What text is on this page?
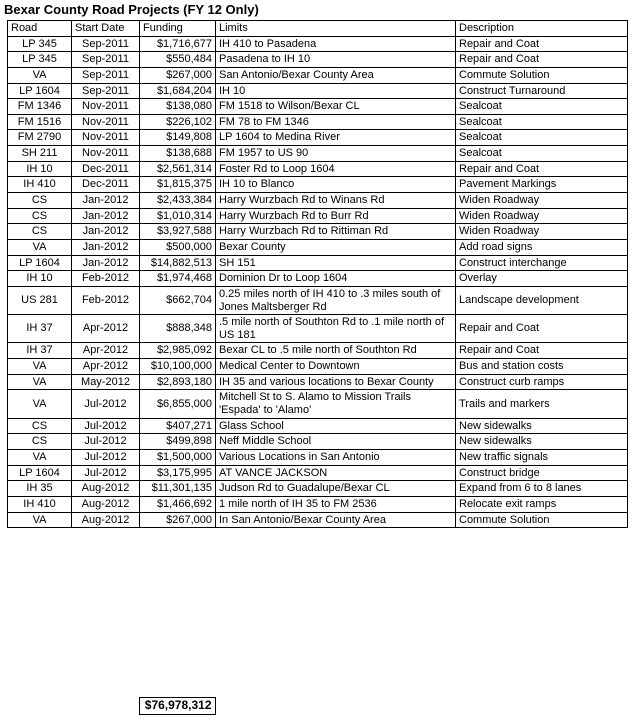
Bexar County Road Projects (FY 12 Only)
Road	Start Date	Funding	Limits	Description
LP 345	Sep-2011	$1,716,677	IH 410 to Pasadena	Repair and Coat
LP 345	Sep-2011	$550,484	Pasadena to IH 10	Repair and Coat
VA	Sep-2011	$267,000	San Antonio/Bexar County Area	Commute Solution
LP 1604	Sep-2011	$1,684,204	IH 10	Construct Turnaround
FM 1346	Nov-2011	$138,080	FM 1518 to Wilson/Bexar CL	Sealcoat
FM 1516	Nov-2011	$226,102	FM 78 to FM 1346	Sealcoat
FM 2790	Nov-2011	$149,808	LP 1604 to Medina River	Sealcoat
SH 211	Nov-2011	$138,688	FM 1957 to US 90	Sealcoat
IH 10	Dec-2011	$2,561,314	Foster Rd to Loop 1604	Repair and Coat
IH 410	Dec-2011	$1,815,375	IH 10 to Blanco	Pavement Markings
CS	Jan-2012	$2,433,384	Harry Wurzbach Rd to Winans Rd	Widen Roadway
CS	Jan-2012	$1,010,314	Harry Wurzbach Rd to Burr Rd	Widen Roadway
CS	Jan-2012	$3,927,588	Harry Wurzbach Rd to Rittiman Rd	Widen Roadway
VA	Jan-2012	$500,000	Bexar County	Add road signs
LP 1604	Jan-2012	$14,882,513	SH 151	Construct interchange
IH 10	Feb-2012	$1,974,468	Dominion Dr to Loop 1604	Overlay
US 281	Feb-2012	$662,704	0.25 miles north of IH 410 to .3 miles south of Jones Maltsberger Rd	Landscape development
IH 37	Apr-2012	$888,348	.5 mile north of Southton Rd to .1 mile north of US 181	Repair and Coat
IH 37	Apr-2012	$2,985,092	Bexar CL to .5 mile north of Southton Rd	Repair and Coat
VA	Apr-2012	$10,100,000	Medical Center to Downtown	Bus and station costs
VA	May-2012	$2,893,180	IH 35 and various locations to Bexar County	Construct curb ramps
VA	Jul-2012	$6,855,000	Mitchell St to S. Alamo to Mission Trails 'Espada' to 'Alamo'	Trails and markers
CS	Jul-2012	$407,271	Glass School	New sidewalks
CS	Jul-2012	$499,898	Neff Middle School	New sidewalks
VA	Jul-2012	$1,500,000	Various Locations in San Antonio	New traffic signals
LP 1604	Jul-2012	$3,175,995	AT VANCE JACKSON	Construct bridge
IH 35	Aug-2012	$11,301,135	Judson Rd to Guadalupe/Bexar CL	Expand from 6 to 8 lanes
IH 410	Aug-2012	$1,466,692	1 mile north of IH 35 to FM 2536	Relocate exit ramps
VA	Aug-2012	$267,000	In San Antonio/Bexar County Area	Commute Solution
		$76,978,312
